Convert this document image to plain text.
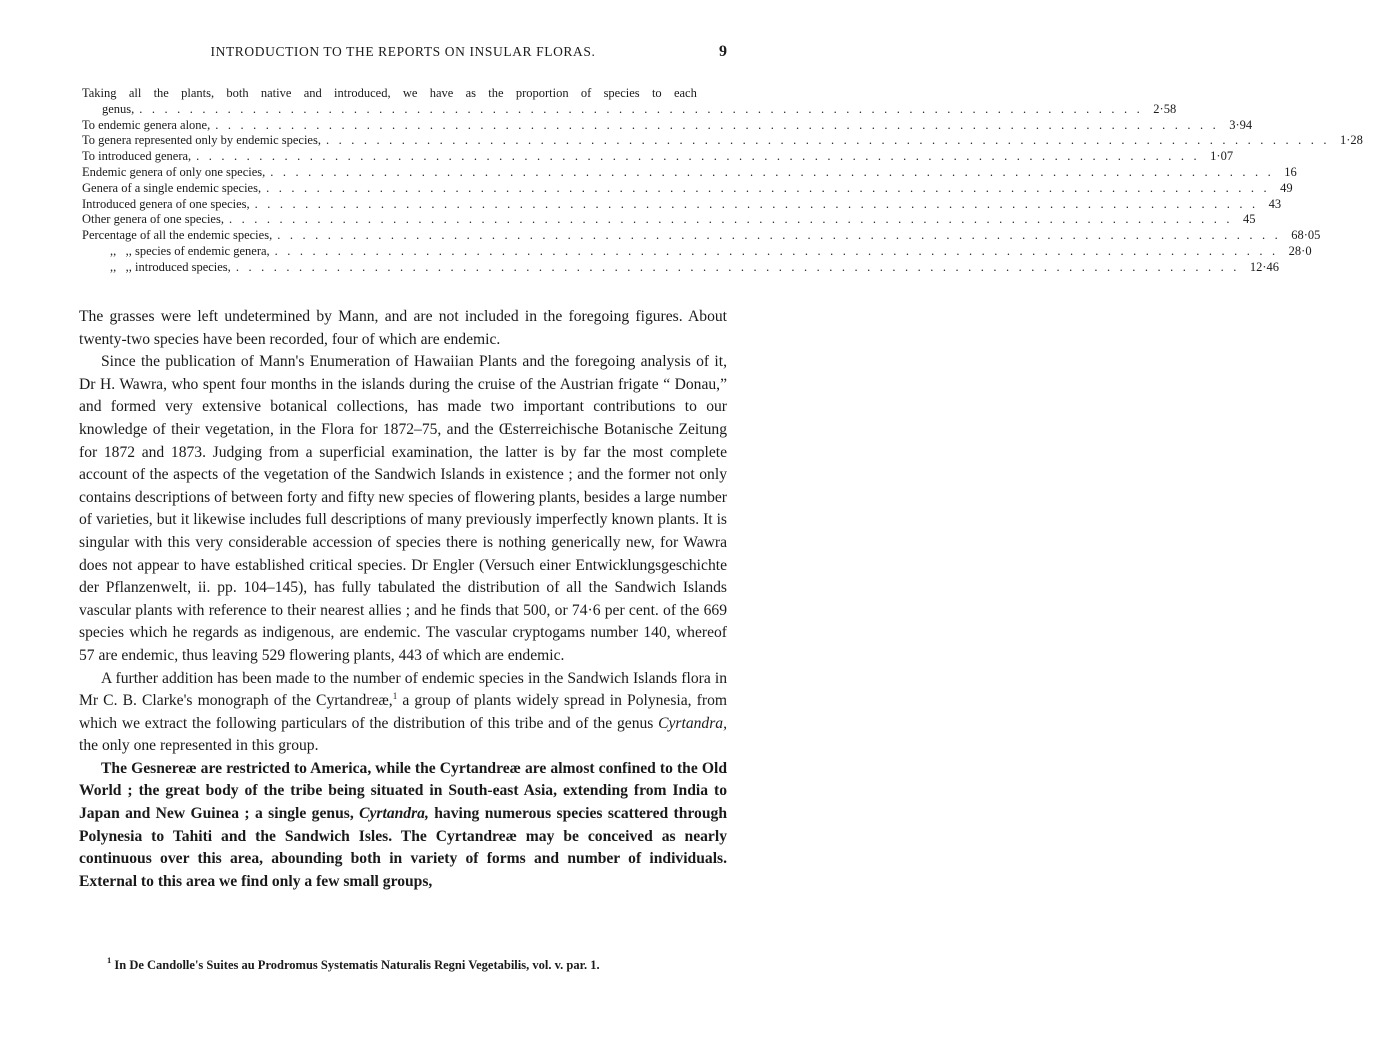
INTRODUCTION TO THE REPORTS ON INSULAR FLORAS.	9
Taking all the plants, both native and introduced, we have as the proportion of species to each
genus, ................................................................................ 2·58
To endemic genera alone, ................................................................................ 3·94
To genera represented only by endemic species, ................................................................................ 1·28
To introduced genera, ................................................................................ 1·07
Endemic genera of only one species, ................................................................................ 16
Genera of a single endemic species, ................................................................................ 49
Introduced genera of one species, ................................................................................ 43
Other genera of one species, ................................................................................ 45
Percentage of all the endemic species, ................................................................................ 68·05
,,   ,, species of endemic genera, ................................................................................ 28·0
,,   ,, introduced species, ................................................................................ 12·46

The grasses were left undetermined by Mann, and are not included in the foregoing figures. About twenty-two species have been recorded, four of which are endemic.

Since the publication of Mann's Enumeration of Hawaiian Plants and the foregoing analysis of it, Dr H. Wawra, who spent four months in the islands during the cruise of the Austrian frigate “ Donau,” and formed very extensive botanical collections, has made two important contributions to our knowledge of their vegetation, in the Flora for 1872–75, and the Œsterreichische Botanische Zeitung for 1872 and 1873. Judging from a superficial examination, the latter is by far the most complete account of the aspects of the vegetation of the Sandwich Islands in existence ; and the former not only contains descriptions of between forty and fifty new species of flowering plants, besides a large number of varieties, but it likewise includes full descriptions of many previously imperfectly known plants. It is singular with this very considerable accession of species there is nothing generically new, for Wawra does not appear to have established critical species. Dr Engler (Versuch einer Entwicklungsgeschichte der Pflanzenwelt, ii. pp. 104–145), has fully tabulated the distribution of all the Sandwich Islands vascular plants with reference to their nearest allies ; and he finds that 500, or 74·6 per cent. of the 669 species which he regards as indigenous, are endemic. The vascular cryptogams number 140, whereof 57 are endemic, thus leaving 529 flowering plants, 443 of which are endemic.

A further addition has been made to the number of endemic species in the Sandwich Islands flora in Mr C. B. Clarke's monograph of the Cyrtandreæ,$^1$ a group of plants widely spread in Polynesia, from which we extract the following particulars of the distribution of this tribe and of the genus Cyrtandra, the only one represented in this group.

The Gesnereæ are restricted to America, while the Cyrtandreæ are almost confined to the Old World ; the great body of the tribe being situated in South-east Asia, extending from India to Japan and New Guinea ; a single genus, Cyrtandra, having numerous species scattered through Polynesia to Tahiti and the Sandwich Isles. The Cyrtandreæ may be conceived as nearly continuous over this area, abounding both in variety of forms and number of individuals. External to this area we find only a few small groups,

$^1$ In De Candolle's Suites au Prodromus Systematis Naturalis Regni Vegetabilis, vol. v. par. 1.
